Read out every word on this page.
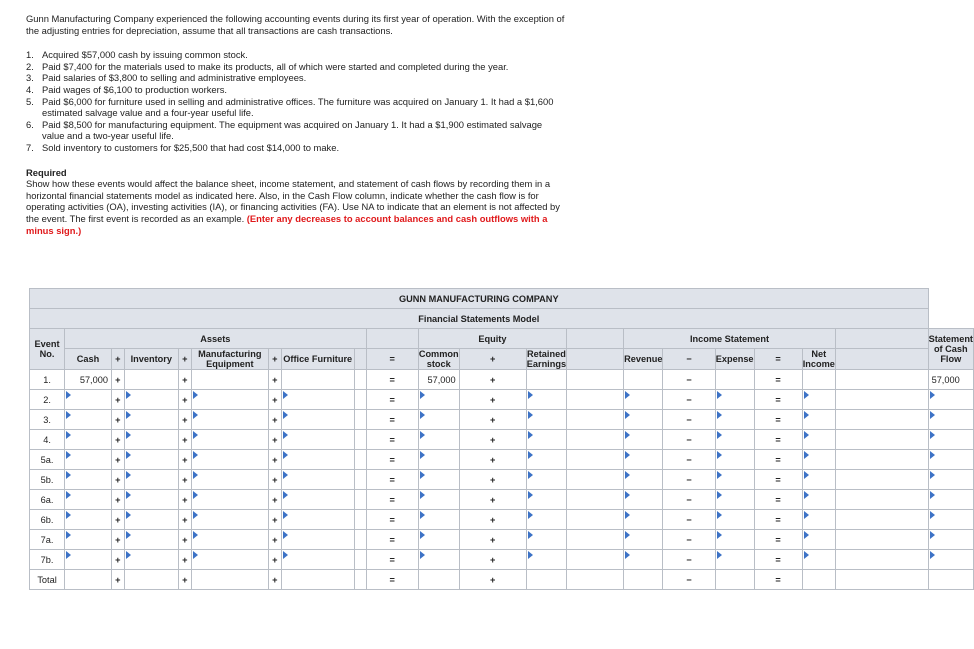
Gunn Manufacturing Company experienced the following accounting events during its first year of operation. With the exception of the adjusting entries for depreciation, assume that all transactions are cash transactions.

1. Acquired $57,000 cash by issuing common stock.
2. Paid $7,400 for the materials used to make its products, all of which were started and completed during the year.
3. Paid salaries of $3,800 to selling and administrative employees.
4. Paid wages of $6,100 to production workers.
5. Paid $6,000 for furniture used in selling and administrative offices. The furniture was acquired on January 1. It had a $1,600 estimated salvage value and a four-year useful life.
6. Paid $8,500 for manufacturing equipment. The equipment was acquired on January 1. It had a $1,900 estimated salvage value and a two-year useful life.
7. Sold inventory to customers for $25,500 that had cost $14,000 to make.
Required

Show how these events would affect the balance sheet, income statement, and statement of cash flows by recording them in a horizontal financial statements model as indicated here. Also, in the Cash Flow column, indicate whether the cash flow is for operating activities (OA), investing activities (IA), or financing activities (FA). Use NA to indicate that an element is not affected by the event. The first event is recorded as an example. (Enter any decreases to account balances and cash outflows with a minus sign.)

GUNN MANUFACTURING COMPANY																				
Financial Statements Model																				
Event No.	Assets									Equity				Income Statement						Statement of Cash Flow
	Cash	+	Inventory	+	Manufacturing Equipment	+	Office Furniture		=	Common stock	+	Retained Earnings		Revenue	−	Expense	=	Net Income		
1.	57,000	+		+		+			=	57,000	+				−		=			57,000

2.		+		+		+			=		+				−		=	

3.		+		+		+			=		+				−		=	

4.		+		+		+			=		+				−		=	

5a.		+		+		+			=		+				−		=	

5b.		+		+		+			=		+				−		=	

6a.		+		+		+			=		+				−		=	

6b.		+		+		+			=		+				−		=	

7a.		+		+		+			=		+				−		=	

7b.		+		+		+			=		+				−		=	

Total		+		+		+			=		+				−		=	
